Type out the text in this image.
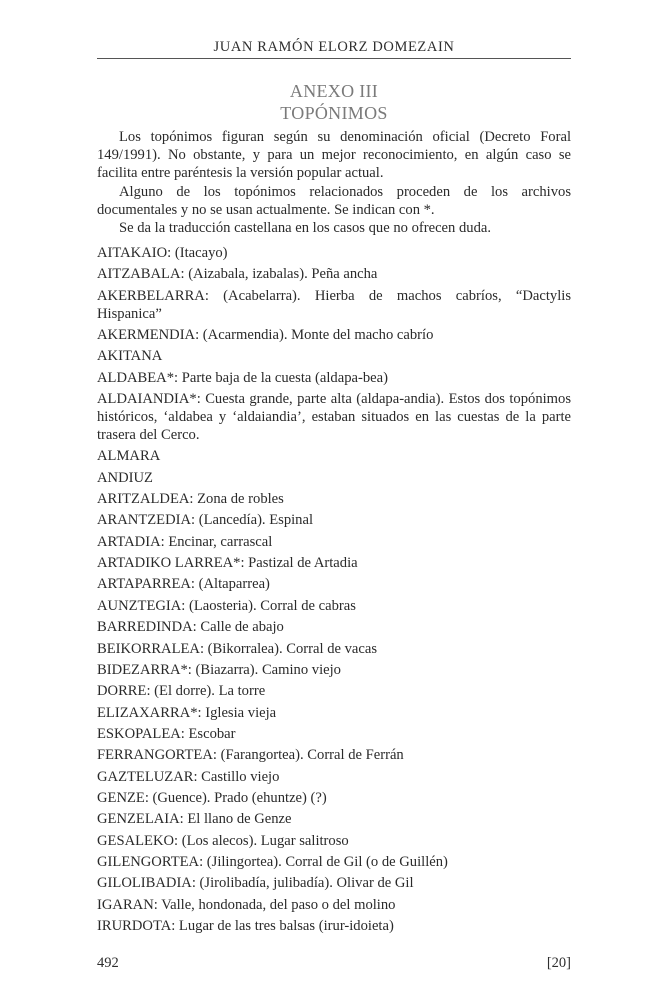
JUAN RAMÓN ELORZ DOMEZAIN
ANEXO III
TOPÓNIMOS

Los topónimos figuran según su denominación oficial (Decreto Foral 149/1991). No obstante, y para un mejor reconocimiento, en algún caso se facilita entre paréntesis la versión popular actual.

Alguno de los topónimos relacionados proceden de los archivos documentales y no se usan actualmente. Se indican con *.

Se da la traducción castellana en los casos que no ofrecen duda.

AITAKAIO: (Itacayo)
AITZABALA: (Aizabala, izabalas). Peña ancha
AKERBELARRA: (Acabelarra). Hierba de machos cabríos, “Dactylis Hispanica”
AKERMENDIA: (Acarmendia). Monte del macho cabrío
AKITANA
ALDABEA*: Parte baja de la cuesta (aldapa-bea)
ALDAIANDIA*: Cuesta grande, parte alta (aldapa-andia). Estos dos topónimos históricos, ‘aldabea y ‘aldaiandia’, estaban situados en las cuestas de la parte trasera del Cerco.
ALMARA
ANDIUZ
ARITZALDEA: Zona de robles
ARANTZEDIA: (Lancedía). Espinal
ARTADIA: Encinar, carrascal
ARTADIKO LARREA*: Pastizal de Artadia
ARTAPARREA: (Altaparrea)
AUNZTEGIA: (Laosteria). Corral de cabras
BARREDINDA: Calle de abajo
BEIKORRALEA: (Bikorralea). Corral de vacas
BIDEZARRA*: (Biazarra). Camino viejo
DORRE: (El dorre). La torre
ELIZAXARRA*: Iglesia vieja
ESKOPALEA: Escobar
FERRANGORTEA: (Farangortea). Corral de Ferrán
GAZTELUZAR: Castillo viejo
GENZE: (Guence). Prado (ehuntze) (?)
GENZELAIA: El llano de Genze
GESALEKO: (Los alecos). Lugar salitroso
GILENGORTEA: (Jilingortea). Corral de Gil (o de Guillén)
GILOLIBADIA: (Jirolibadía, julibadía). Olivar de Gil
IGARAN: Valle, hondonada, del paso o del molino
IRURDOTA: Lugar de las tres balsas (irur-idoieta)
492	[20]
